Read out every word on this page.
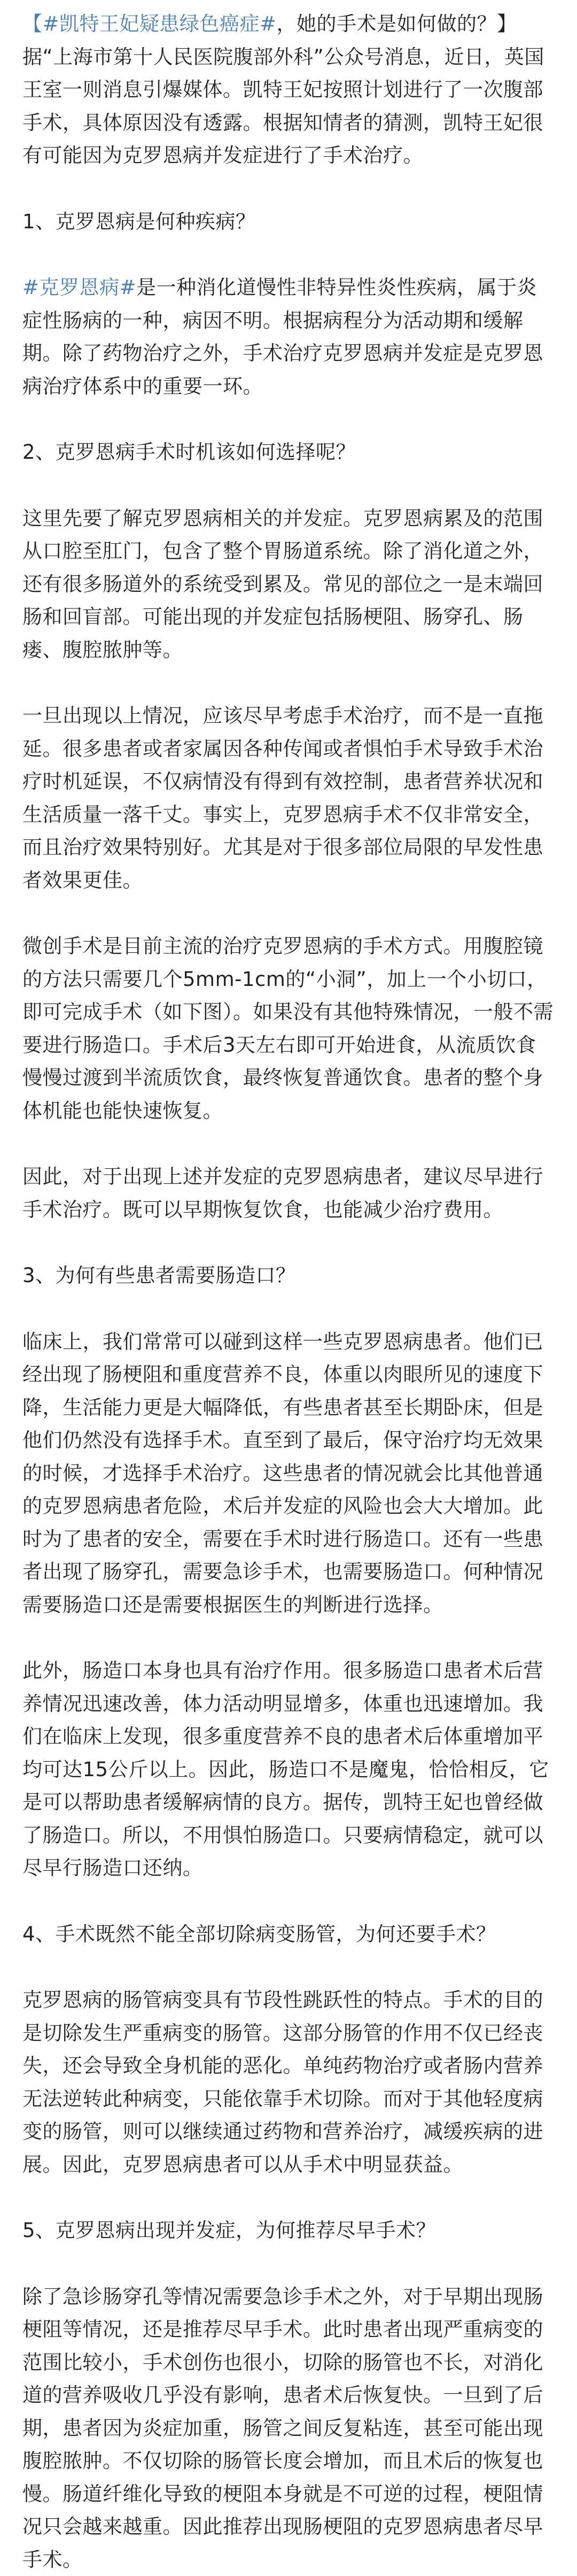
【#凯特王妃疑患绿色癌症#，她的手术是如何做的？】据“上海市第十人民医院腹部外科”公众号消息，近日，英国王室一则消息引爆媒体。凯特王妃按照计划进行了一次腹部手术，具体原因没有透露。根据知情者的猜测，凯特王妃很有可能因为克罗恩病并发症进行了手术治疗。

1、克罗恩病是何种疾病？

#克罗恩病#是一种消化道慢性非特异性炎性疾病，属于炎症性肠病的一种，病因不明。根据病程分为活动期和缓解期。除了药物治疗之外，手术治疗克罗恩病并发症是克罗恩病治疗体系中的重要一环。

2、克罗恩病手术时机该如何选择呢？

这里先要了解克罗恩病相关的并发症。克罗恩病累及的范围从口腔至肛门，包含了整个胃肠道系统。除了消化道之外，还有很多肠道外的系统受到累及。常见的部位之一是末端回肠和回盲部。可能出现的并发症包括肠梗阻、肠穿孔、肠瘘、腹腔脓肿等。

一旦出现以上情况，应该尽早考虑手术治疗，而不是一直拖延。很多患者或者家属因各种传闻或者惧怕手术导致手术治疗时机延误，不仅病情没有得到有效控制，患者营养状况和生活质量一落千丈。事实上，克罗恩病手术不仅非常安全，而且治疗效果特别好。尤其是对于很多部位局限的早发性患者效果更佳。

微创手术是目前主流的治疗克罗恩病的手术方式。用腹腔镜的方法只需要几个5mm-1cm的“小洞”，加上一个小切口，即可完成手术（如下图）。如果没有其他特殊情况，一般不需要进行肠造口。手术后3天左右即可开始进食，从流质饮食慢慢过渡到半流质饮食，最终恢复普通饮食。患者的整个身体机能也能快速恢复。

因此，对于出现上述并发症的克罗恩病患者，建议尽早进行手术治疗。既可以早期恢复饮食，也能减少治疗费用。

3、为何有些患者需要肠造口？

临床上，我们常常可以碰到这样一些克罗恩病患者。他们已经出现了肠梗阻和重度营养不良，体重以肉眼所见的速度下降，生活能力更是大幅降低，有些患者甚至长期卧床，但是他们仍然没有选择手术。直至到了最后，保守治疗均无效果的时候，才选择手术治疗。这些患者的情况就会比其他普通的克罗恩病患者危险，术后并发症的风险也会大大增加。此时为了患者的安全，需要在手术时进行肠造口。还有一些患者出现了肠穿孔，需要急诊手术，也需要肠造口。何种情况需要肠造口还是需要根据医生的判断进行选择。

此外，肠造口本身也具有治疗作用。很多肠造口患者术后营养情况迅速改善，体力活动明显增多，体重也迅速增加。我们在临床上发现，很多重度营养不良的患者术后体重增加平均可达15公斤以上。因此，肠造口不是魔鬼，恰恰相反，它是可以帮助患者缓解病情的良方。据传，凯特王妃也曾经做了肠造口。所以，不用惧怕肠造口。只要病情稳定，就可以尽早行肠造口还纳。

4、手术既然不能全部切除病变肠管，为何还要手术？

克罗恩病的肠管病变具有节段性跳跃性的特点。手术的目的是切除发生严重病变的肠管。这部分肠管的作用不仅已经丧失，还会导致全身机能的恶化。单纯药物治疗或者肠内营养无法逆转此种病变，只能依靠手术切除。而对于其他轻度病变的肠管，则可以继续通过药物和营养治疗，减缓疾病的进展。因此，克罗恩病患者可以从手术中明显获益。

5、克罗恩病出现并发症，为何推荐尽早手术？

除了急诊肠穿孔等情况需要急诊手术之外，对于早期出现肠梗阻等情况，还是推荐尽早手术。此时患者出现严重病变的范围比较小，手术创伤也很小，切除的肠管也不长，对消化道的营养吸收几乎没有影响，患者术后恢复快。一旦到了后期，患者因为炎症加重，肠管之间反复粘连，甚至可能出现腹腔脓肿。不仅切除的肠管长度会增加，而且术后的恢复也慢。肠道纤维化导致的梗阻本身就是不可逆的过程，梗阻情况只会越来越重。因此推荐出现肠梗阻的克罗恩病患者尽早手术。
